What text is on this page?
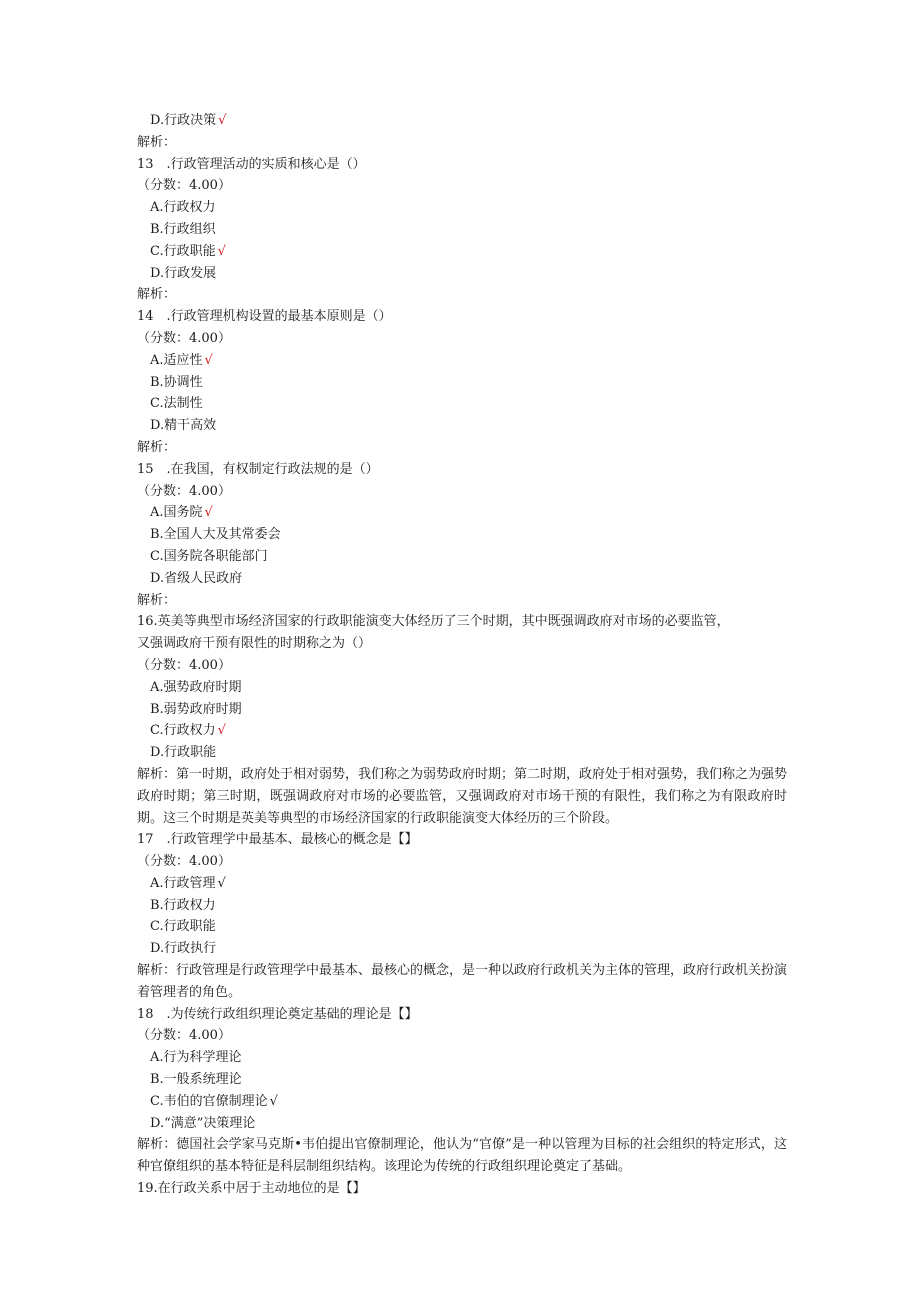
D.行政决策 √
解析：
13　.行政管理活动的实质和核心是（）
（分数：4.00）
A.行政权力
B.行政组织
C.行政职能 √
D.行政发展
解析：
14　.行政管理机构设置的最基本原则是（）
（分数：4.00）
A.适应性 √
B.协调性
C.法制性
D.精干高效
解析：
15　.在我国，有权制定行政法规的是（）
（分数：4.00）
A.国务院 √
B.全国人大及其常委会
C.国务院各职能部门
D.省级人民政府
解析：
16.英美等典型市场经济国家的行政职能演变大体经历了三个时期，其中既强调政府对市场的必要监管，
又强调政府干预有限性的时期称之为（）
（分数：4.00）
A.强势政府时期
B.弱势政府时期
C.行政权力 √
D.行政职能
解析：第一时期，政府处于相对弱势，我们称之为弱势政府时期；第二时期，政府处于相对强势，我们称之为强势政府时期；第三时期，既强调政府对市场的必要监管，又强调政府对市场干预的有限性，我们称之为有限政府时期。这三个时期是英美等典型的市场经济国家的行政职能演变大体经历的三个阶段。
17　.行政管理学中最基本、最核心的概念是【】
（分数：4.00）
A.行政管理 √
B.行政权力
C.行政职能
D.行政执行
解析：行政管理是行政管理学中最基本、最核心的概念，是一种以政府行政机关为主体的管理，政府行政机关扮演着管理者的角色。
18　.为传统行政组织理论奠定基础的理论是【】
（分数：4.00）
A.行为科学理论
B.一般系统理论
C.韦伯的官僚制理论 √
D.“满意”决策理论
解析：德国社会学家马克斯•韦伯提出官僚制理论，他认为“官僚”是一种以管理为目标的社会组织的特定形式，这种官僚组织的基本特征是科层制组织结构。该理论为传统的行政组织理论奠定了基础。
19.在行政关系中居于主动地位的是【】
